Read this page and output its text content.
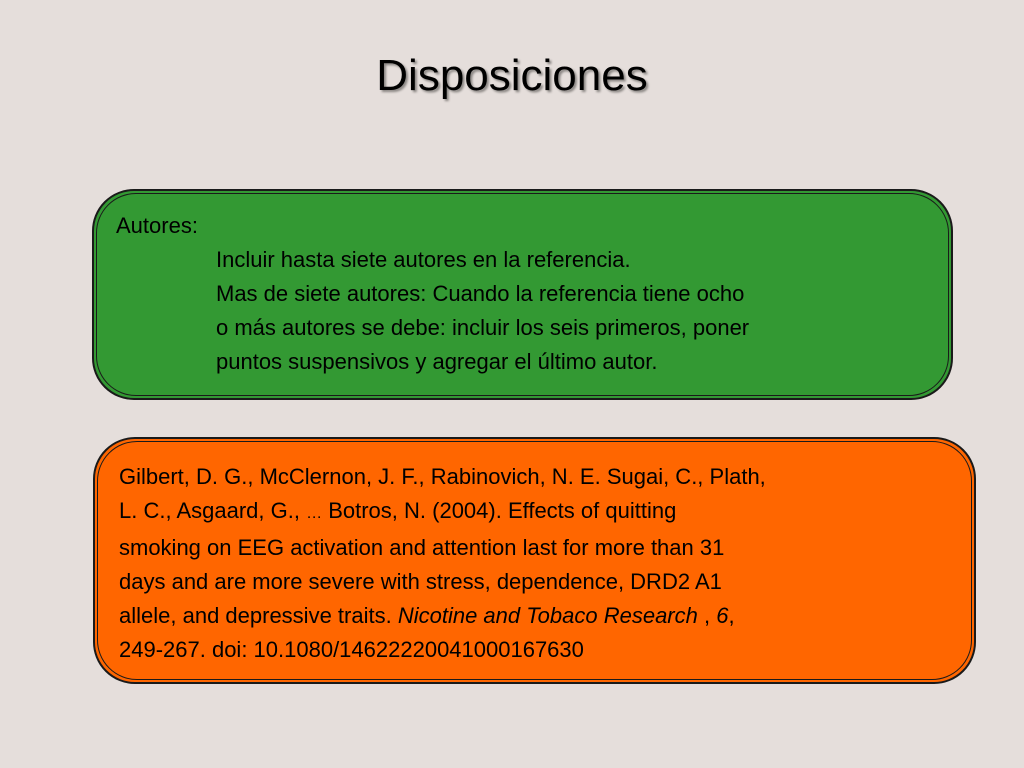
Disposiciones
Autores:
Incluir hasta siete autores en la referencia.
Mas de siete autores: Cuando la referencia tiene ocho
o más autores se debe: incluir los seis primeros, poner
puntos suspensivos y agregar el último autor.
Gilbert, D. G., McClernon, J. F., Rabinovich, N. E. Sugai, C., Plath,
L. C., Asgaard, G., … Botros, N. (2004). Effects of quitting
smoking on EEG activation and attention last for more than 31
days and are more severe with stress, dependence, DRD2 A1
allele, and depressive traits. Nicotine and Tobaco Research , 6,
249-267. doi: 10.1080/14622220041000167630
